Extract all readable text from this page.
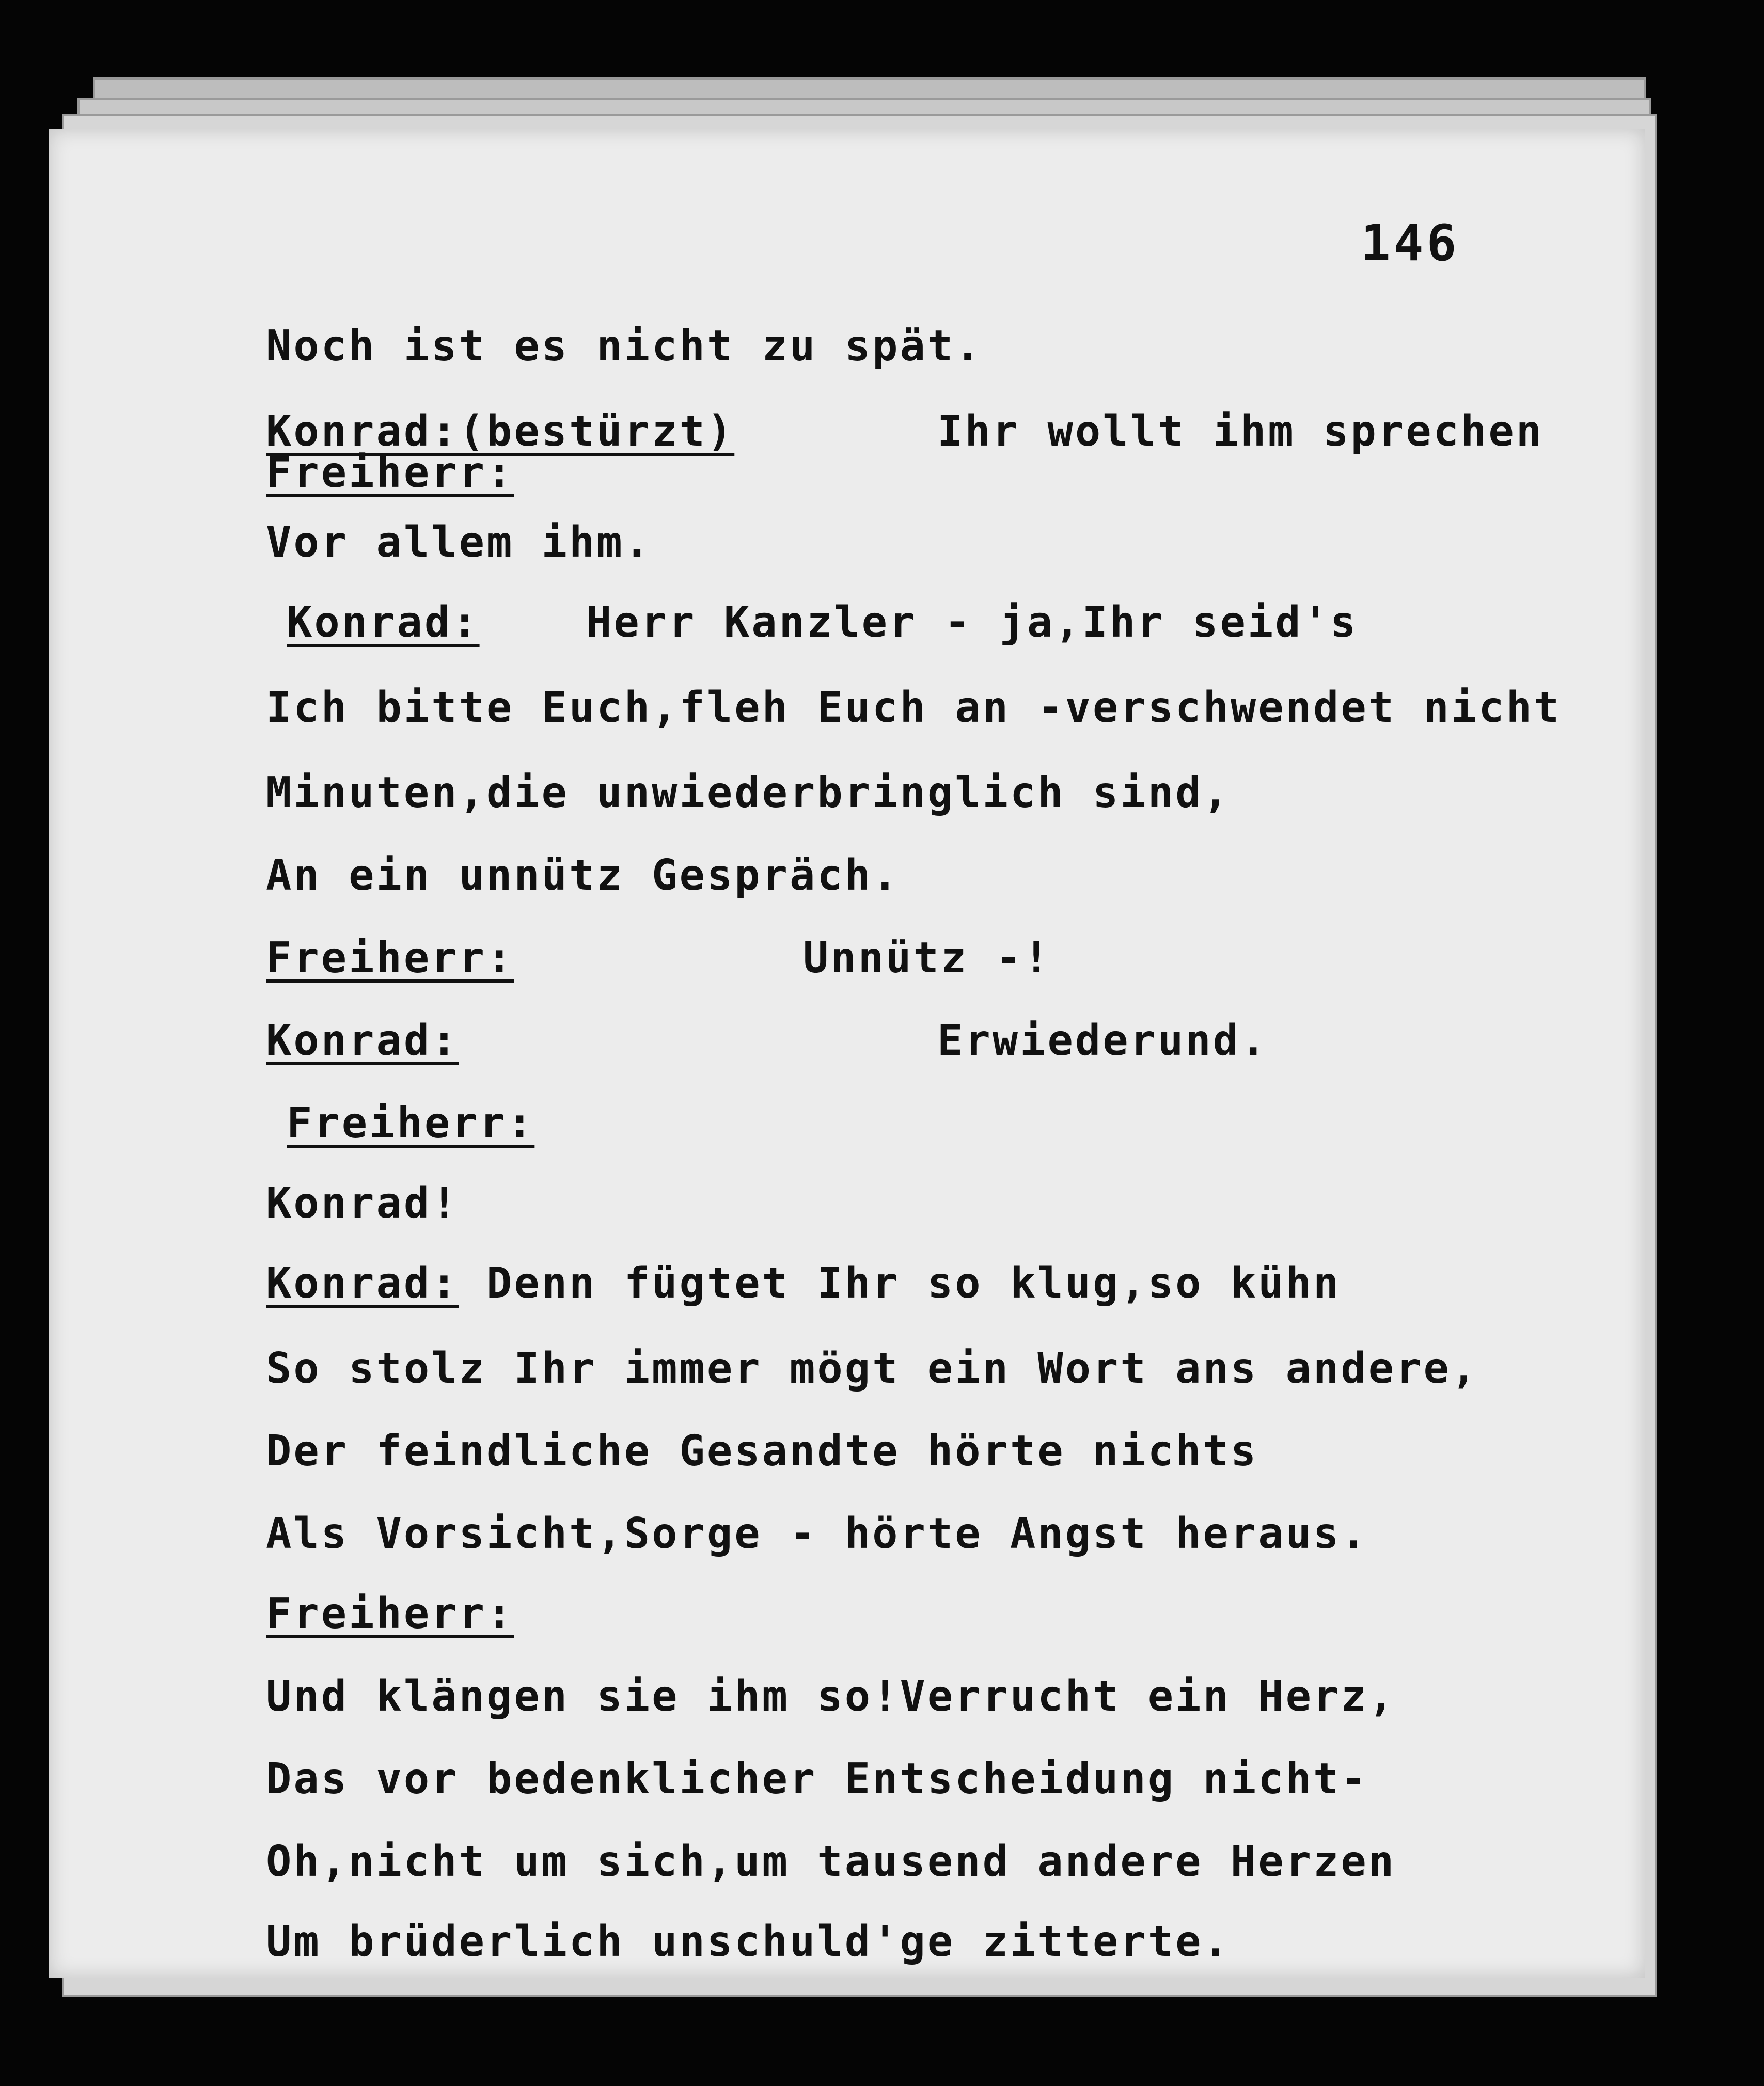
146
Noch ist es nicht zu spät.
Konrad:(bestürzt)	Ihr wollt ihm sprechen
Freiherr:
Vor allem ihm.
Konrad:	Herr Kanzler - ja,Ihr seid's
Ich bitte Euch,fleh Euch an -verschwendet nicht
Minuten,die unwiederbringlich sind,
An ein unnütz Gespräch.
Freiherr:	Unnütz -!
Konrad:	Erwiederund.
Freiherr:
Konrad!
Konrad: Denn fügtet Ihr so klug,so kühn
So stolz Ihr immer mögt ein Wort ans andere,
Der feindliche Gesandte hörte nichts
Als Vorsicht,Sorge - hörte Angst heraus.
Freiherr:
Und klängen sie ihm so!Verrucht ein Herz,
Das vor bedenklicher Entscheidung nicht-
Oh,nicht um sich,um tausend andere Herzen
Um brüderlich unschuld'ge zitterte.
